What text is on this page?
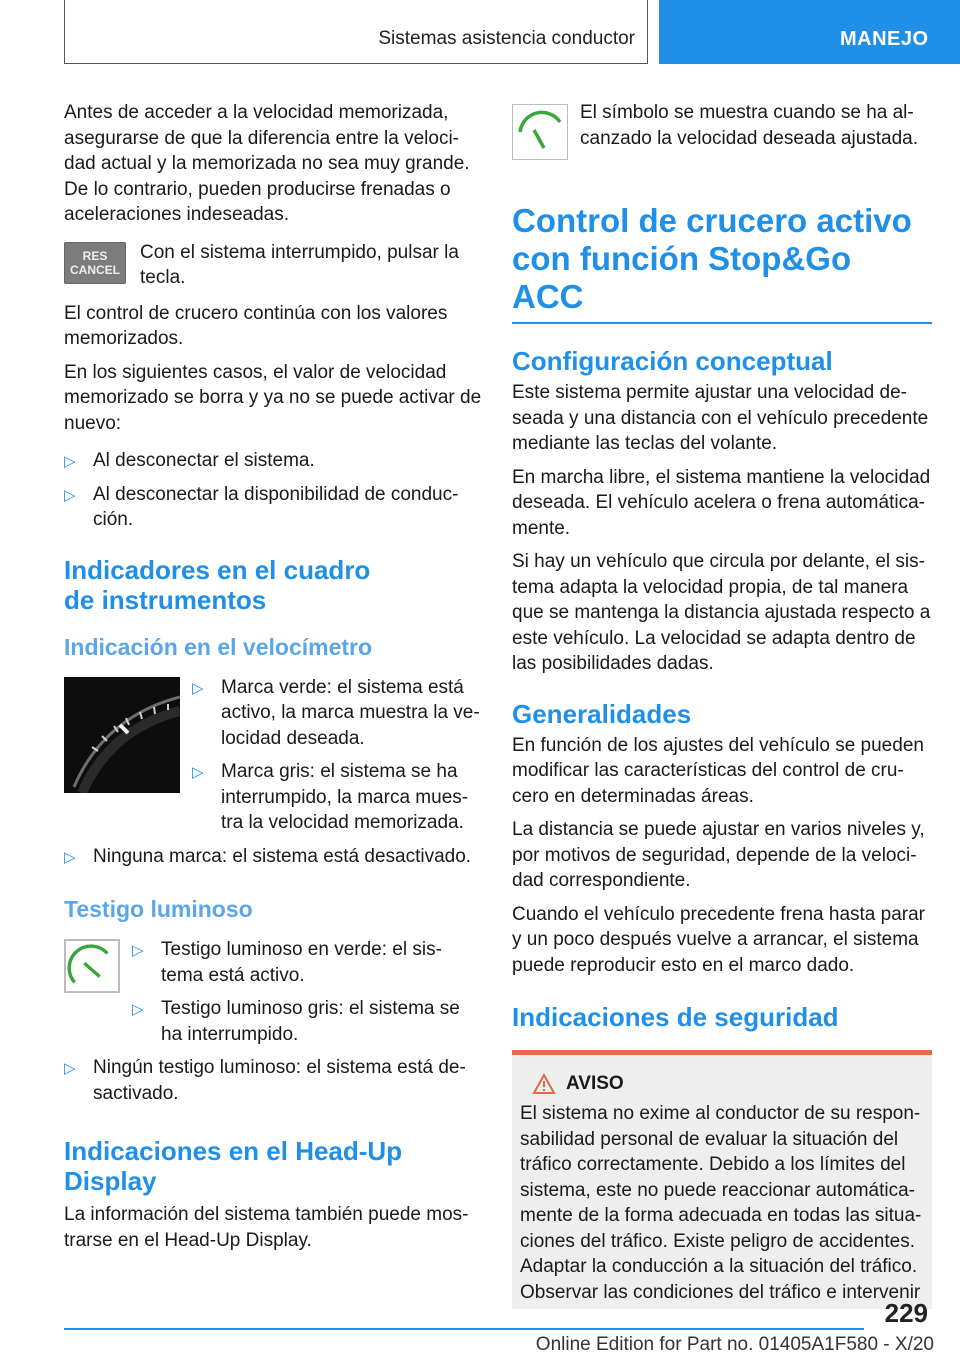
Sistemas asistencia conductor	MANEJO

Antes de acceder a la velocidad memorizada, asegurarse de que la diferencia entre la veloci- dad actual y la memorizada no sea muy grande. De lo contrario, pueden producirse frenadas o aceleraciones indeseadas.

RES
CANCEL

Con el sistema interrumpido, pulsar la tecla.

El control de crucero continúa con los valores memorizados.

En los siguientes casos, el valor de velocidad memorizado se borra y ya no se puede activar de nuevo:

▷ Al desconectar el sistema.
▷ Al desconectar la disponibilidad de conduc- ción.
Indicadores en el cuadro de instrumentos
Indicación en el velocímetro
▷ Marca verde: el sistema está activo, la marca muestra la ve- locidad deseada.
▷ Marca gris: el sistema se ha interrumpido, la marca mues- tra la velocidad memorizada.
▷ Ninguna marca: el sistema está desactivado.
Testigo luminoso
▷ Testigo luminoso en verde: el sis- tema está activo.
▷ Testigo luminoso gris: el sistema se ha interrumpido.
▷ Ningún testigo luminoso: el sistema está de- sactivado.
Indicaciones en el Head-Up Display

La información del sistema también puede mos- trarse en el Head-Up Display.

El símbolo se muestra cuando se ha al- canzado la velocidad deseada ajustada.

Control de crucero activo con función Stop&Go ACC
Configuración conceptual

Este sistema permite ajustar una velocidad de- seada y una distancia con el vehículo precedente mediante las teclas del volante.

En marcha libre, el sistema mantiene la velocidad deseada. El vehículo acelera o frena automática- mente.

Si hay un vehículo que circula por delante, el sis- tema adapta la velocidad propia, de tal manera que se mantenga la distancia ajustada respecto a este vehículo. La velocidad se adapta dentro de las posibilidades dadas.

Generalidades

En función de los ajustes del vehículo se pueden modificar las características del control de cru- cero en determinadas áreas.

La distancia se puede ajustar en varios niveles y, por motivos de seguridad, depende de la veloci- dad correspondiente.

Cuando el vehículo precedente frena hasta parar y un poco después vuelve a arrancar, el sistema puede reproducir esto en el marco dado.

Indicaciones de seguridad
AVISO

El sistema no exime al conductor de su respon- sabilidad personal de evaluar la situación del tráfico correctamente. Debido a los límites del sistema, este no puede reaccionar automática- mente de la forma adecuada en todas las situa- ciones del tráfico. Existe peligro de accidentes. Adaptar la conducción a la situación del tráfico. Observar las condiciones del tráfico e intervenir

229
Online Edition for Part no. 01405A1F580 - X/20
